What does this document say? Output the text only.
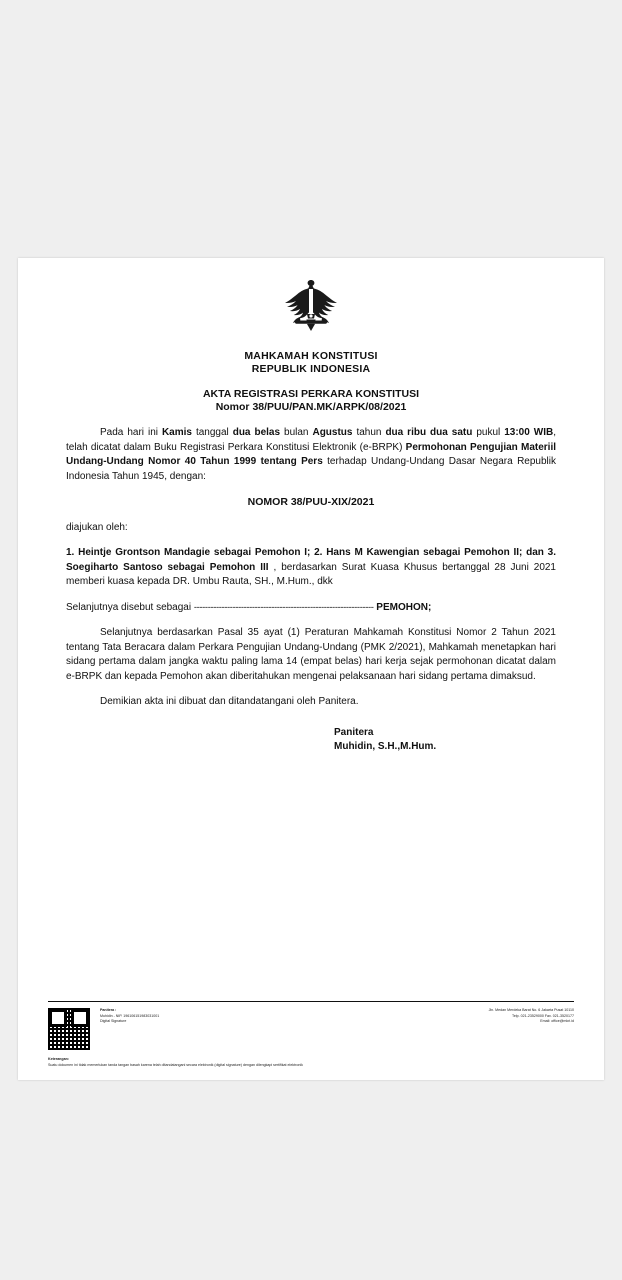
MAHKAMAH KONSTITUSI
REPUBLIK INDONESIA
AKTA REGISTRASI PERKARA KONSTITUSI
Nomor 38/PUU/PAN.MK/ARPK/08/2021

Pada hari ini Kamis tanggal dua belas bulan Agustus tahun dua ribu dua satu pukul 13:00 WIB, telah dicatat dalam Buku Registrasi Perkara Konstitusi Elektronik (e-BRPK) Permohonan Pengujian Materiil Undang-Undang Nomor 40 Tahun 1999 tentang Pers terhadap Undang-Undang Dasar Negara Republik Indonesia Tahun 1945, dengan:

NOMOR 38/PUU-XIX/2021

diajukan oleh:

1. Heintje Grontson Mandagie sebagai Pemohon I; 2. Hans M Kawengian sebagai Pemohon II; dan 3. Soegiharto Santoso sebagai Pemohon III , berdasarkan Surat Kuasa Khusus bertanggal 28 Juni 2021 memberi kuasa kepada DR. Umbu Rauta, SH., M.Hum., dkk

Selanjutnya disebut sebagai ----------------------------------------------------------------- PEMOHON;

Selanjutnya berdasarkan Pasal 35 ayat (1) Peraturan Mahkamah Konstitusi Nomor 2 Tahun 2021 tentang Tata Beracara dalam Perkara Pengujian Undang-Undang (PMK 2/2021), Mahkamah menetapkan hari sidang pertama dalam jangka waktu paling lama 14 (empat belas) hari kerja sejak permohonan dicatat dalam e-BRPK dan kepada Pemohon akan diberitahukan mengenai pelaksanaan hari sidang pertama dimaksud.

Demikian akta ini dibuat dan ditandatangani oleh Panitera.

Panitera
Muhidin, S.H.,M.Hum.
Panitera :
Muhidin - NIP. 196106151983031001
Digital Signature
Jln. Medan Merdeka Barat No. 6 Jakarta Pusat 10110
Telp. 021-23529000 Fax. 021-3520177
Email: office@mkri.id
Keterangan:
Suatu dokumen ini tidak memerlukan tanda tangan basah karena telah ditandatangani secara elektronik (digital signature) dengan dilengkapi sertifikat elektronik
